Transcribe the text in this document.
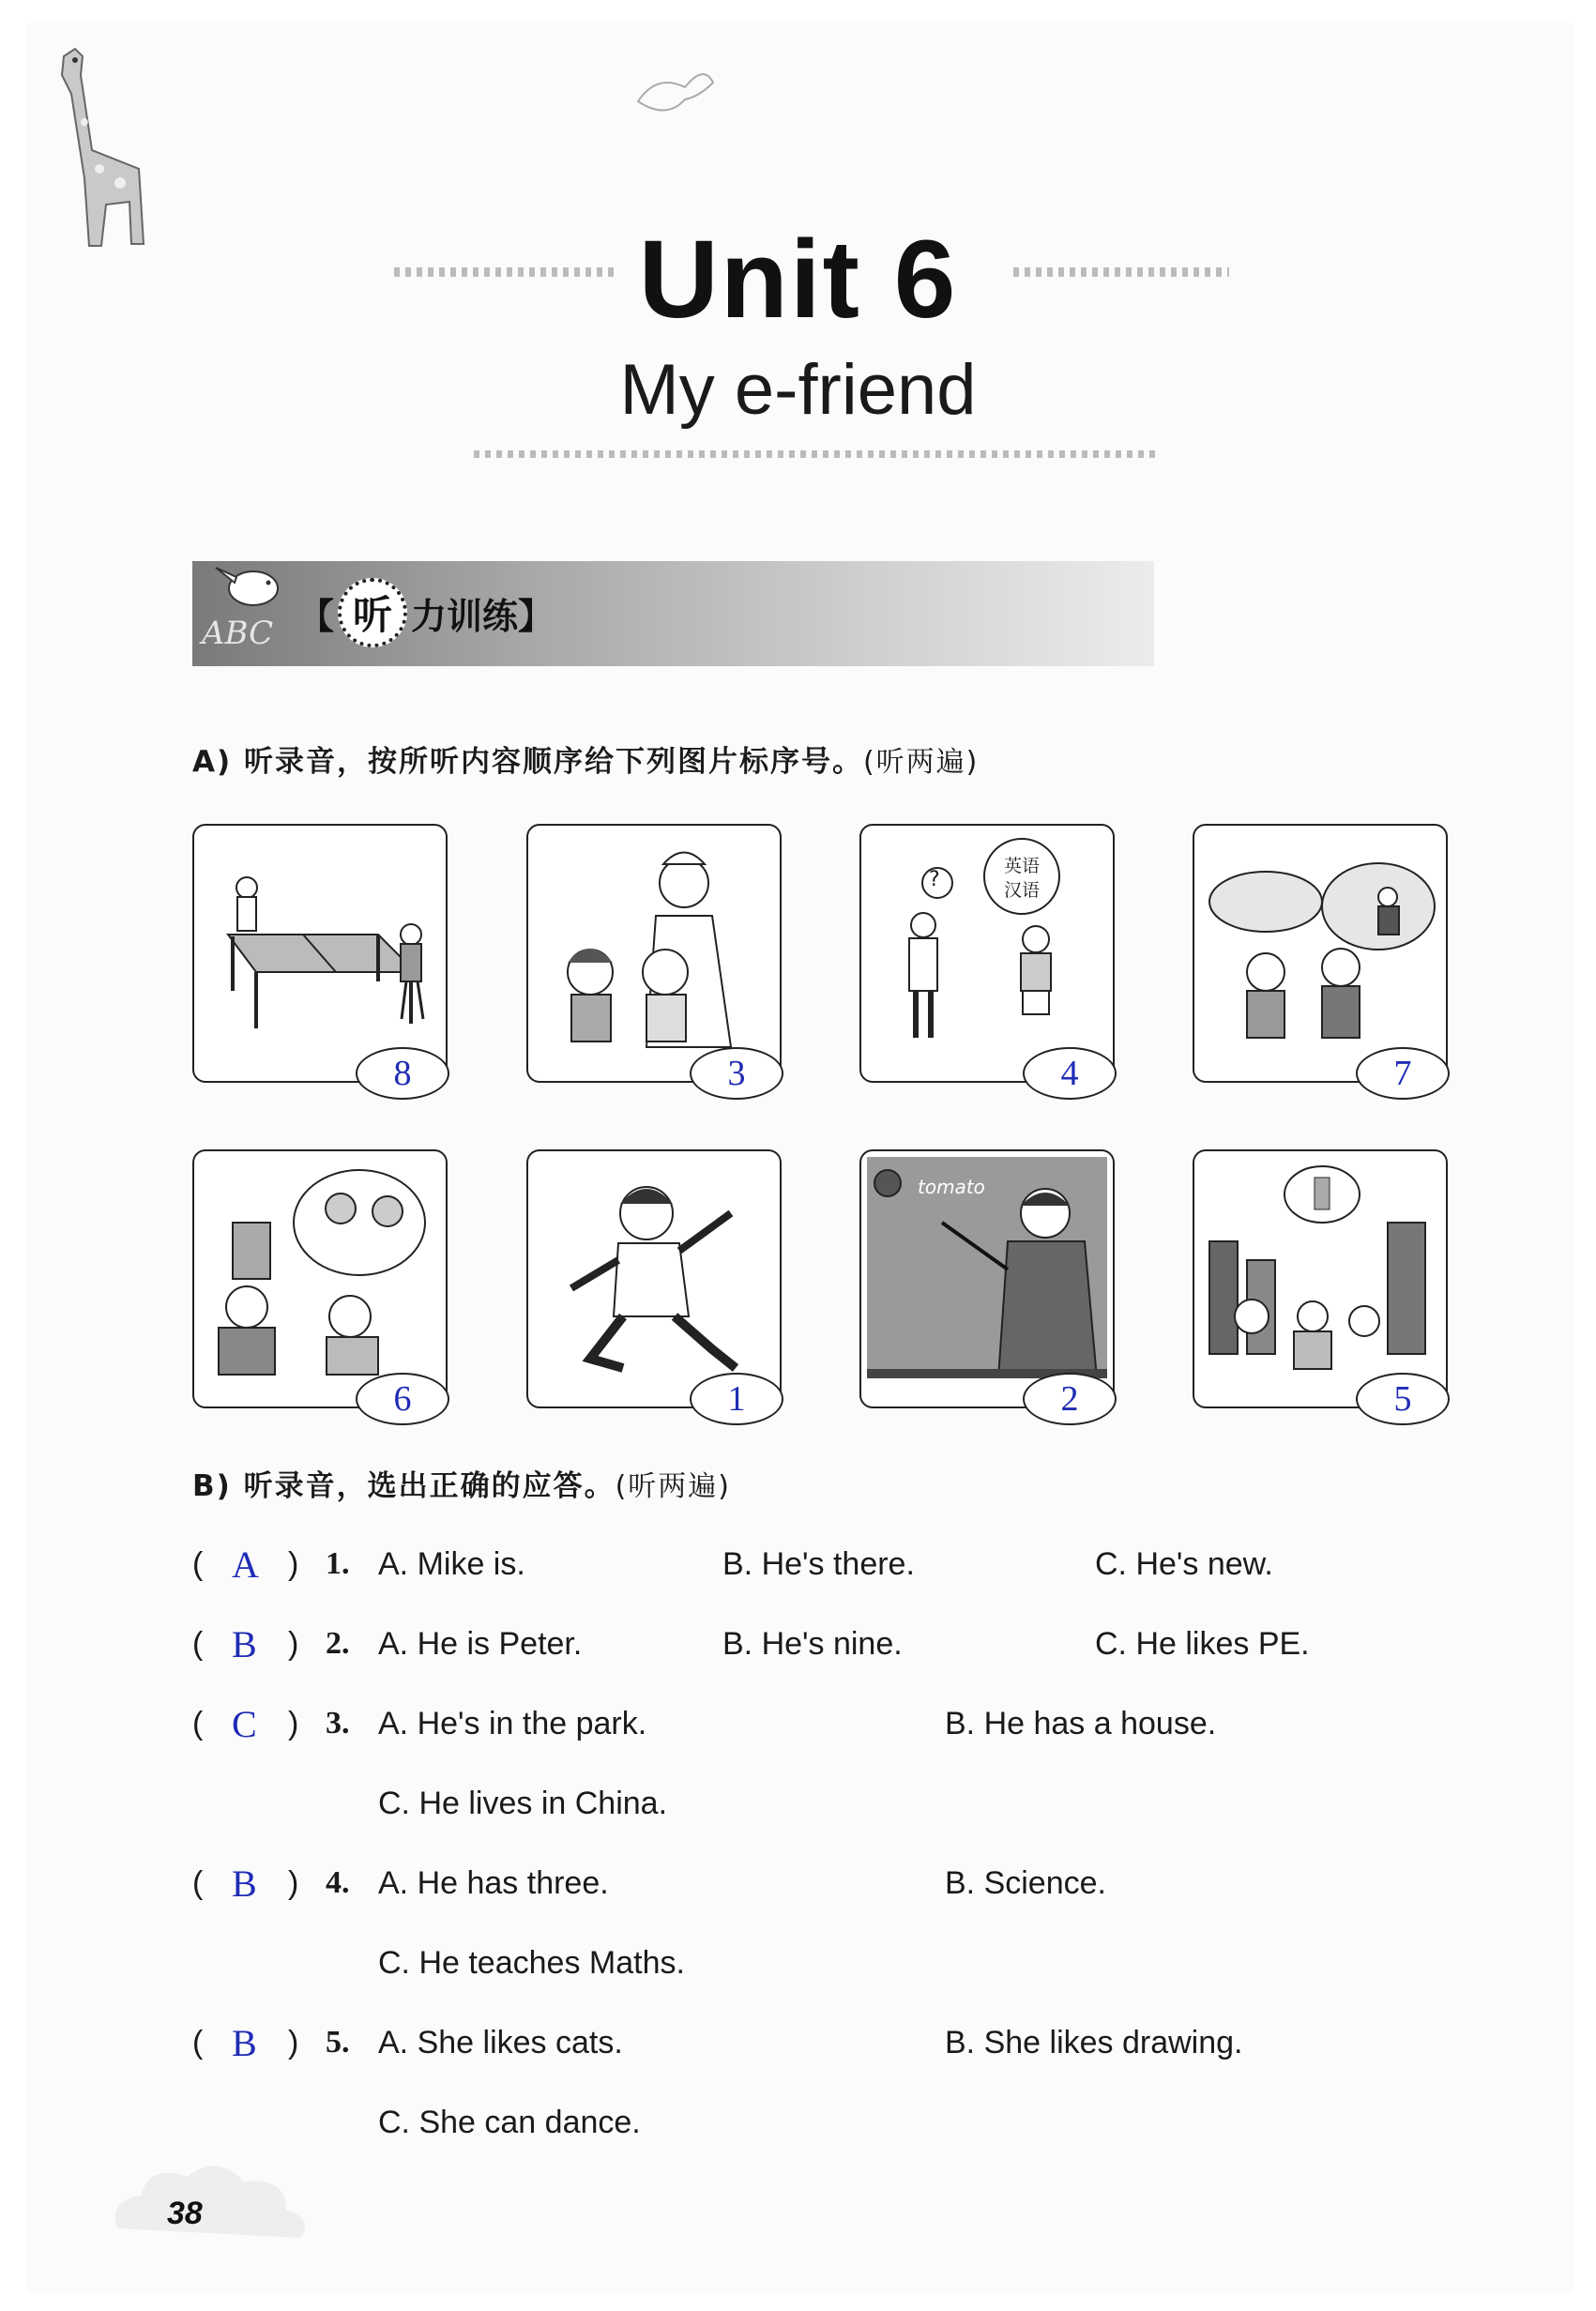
Unit 6
My e-friend
ABC 【 听 力训练 】
A) 听录音，按所听内容顺序给下列图片标序号。(听两遍)
8	3
?
英语
汉语
4	7
6	1
tomato
2	5
B) 听录音，选出正确的应答。(听两遍)
( A ) 1. A. Mike is.	B. He's there.	C. He's new.
( B ) 2. A. He is Peter.	B. He's nine.	C. He likes PE.
( C ) 3. A. He's in the park.	B. He has a house.
C. He lives in China.
( B ) 4. A. He has three.	B. Science.
C. He teaches Maths.
( B ) 5. A. She likes cats.	B. She likes drawing.
C. She can dance.
38
